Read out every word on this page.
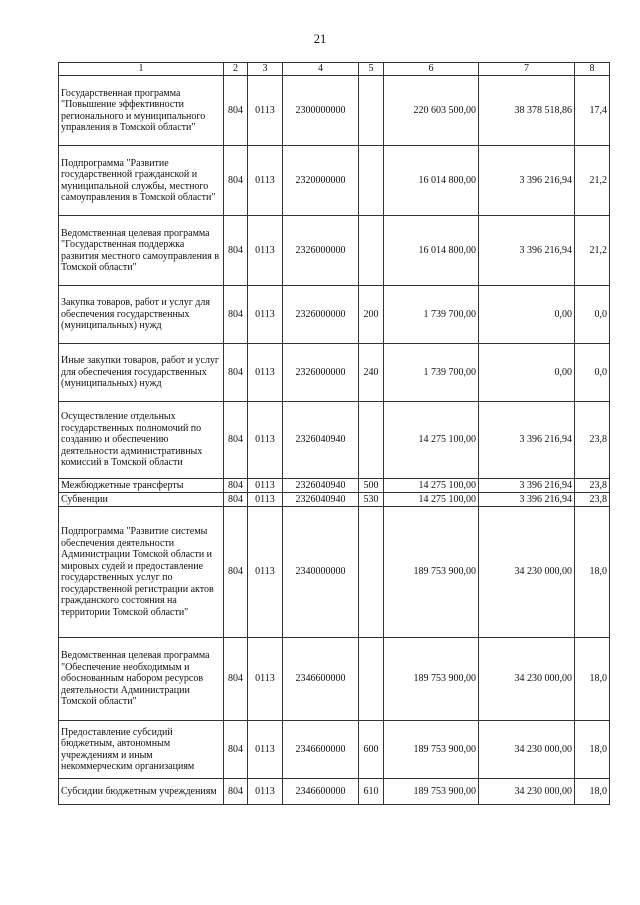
21
1	2	3	4	5	6	7	8
Государственная программа "Повышение эффективности регионального и муниципального управления в Томской области"	804	0113	2300000000		220 603 500,00	38 378 518,86	17,4
Подпрограмма "Развитие государственной гражданской и муниципальной службы, местного самоуправления в Томской области"	804	0113	2320000000		16 014 800,00	3 396 216,94	21,2
Ведомственная целевая программа "Государственная поддержка развития местного самоуправления в Томской области"	804	0113	2326000000		16 014 800,00	3 396 216,94	21,2
Закупка товаров, работ и услуг для обеспечения государственных (муниципальных) нужд	804	0113	2326000000	200	1 739 700,00	0,00	0,0
Иные закупки товаров, работ и услуг для обеспечения государственных (муниципальных) нужд	804	0113	2326000000	240	1 739 700,00	0,00	0,0
Осуществление отдельных государственных полномочий по созданию и обеспечению деятельности административных комиссий в Томской области	804	0113	2326040940		14 275 100,00	3 396 216,94	23,8
Межбюджетные трансферты	804	0113	2326040940	500	14 275 100,00	3 396 216,94	23,8
Субвенции	804	0113	2326040940	530	14 275 100,00	3 396 216,94	23,8
Подпрограмма "Развитие системы обеспечения деятельности Администрации Томской области и мировых судей и предоставление государственных услуг по государственной регистрации актов гражданского состояния на территории Томской области"	804	0113	2340000000		189 753 900,00	34 230 000,00	18,0
Ведомственная целевая программа "Обеспечение необходимым и обоснованным набором ресурсов деятельности Администрации Томской области"	804	0113	2346600000		189 753 900,00	34 230 000,00	18,0
Предоставление субсидий бюджетным, автономным учреждениям и иным некоммерческим организациям	804	0113	2346600000	600	189 753 900,00	34 230 000,00	18,0
Субсидии бюджетным учреждениям	804	0113	2346600000	610	189 753 900,00	34 230 000,00	18,0
